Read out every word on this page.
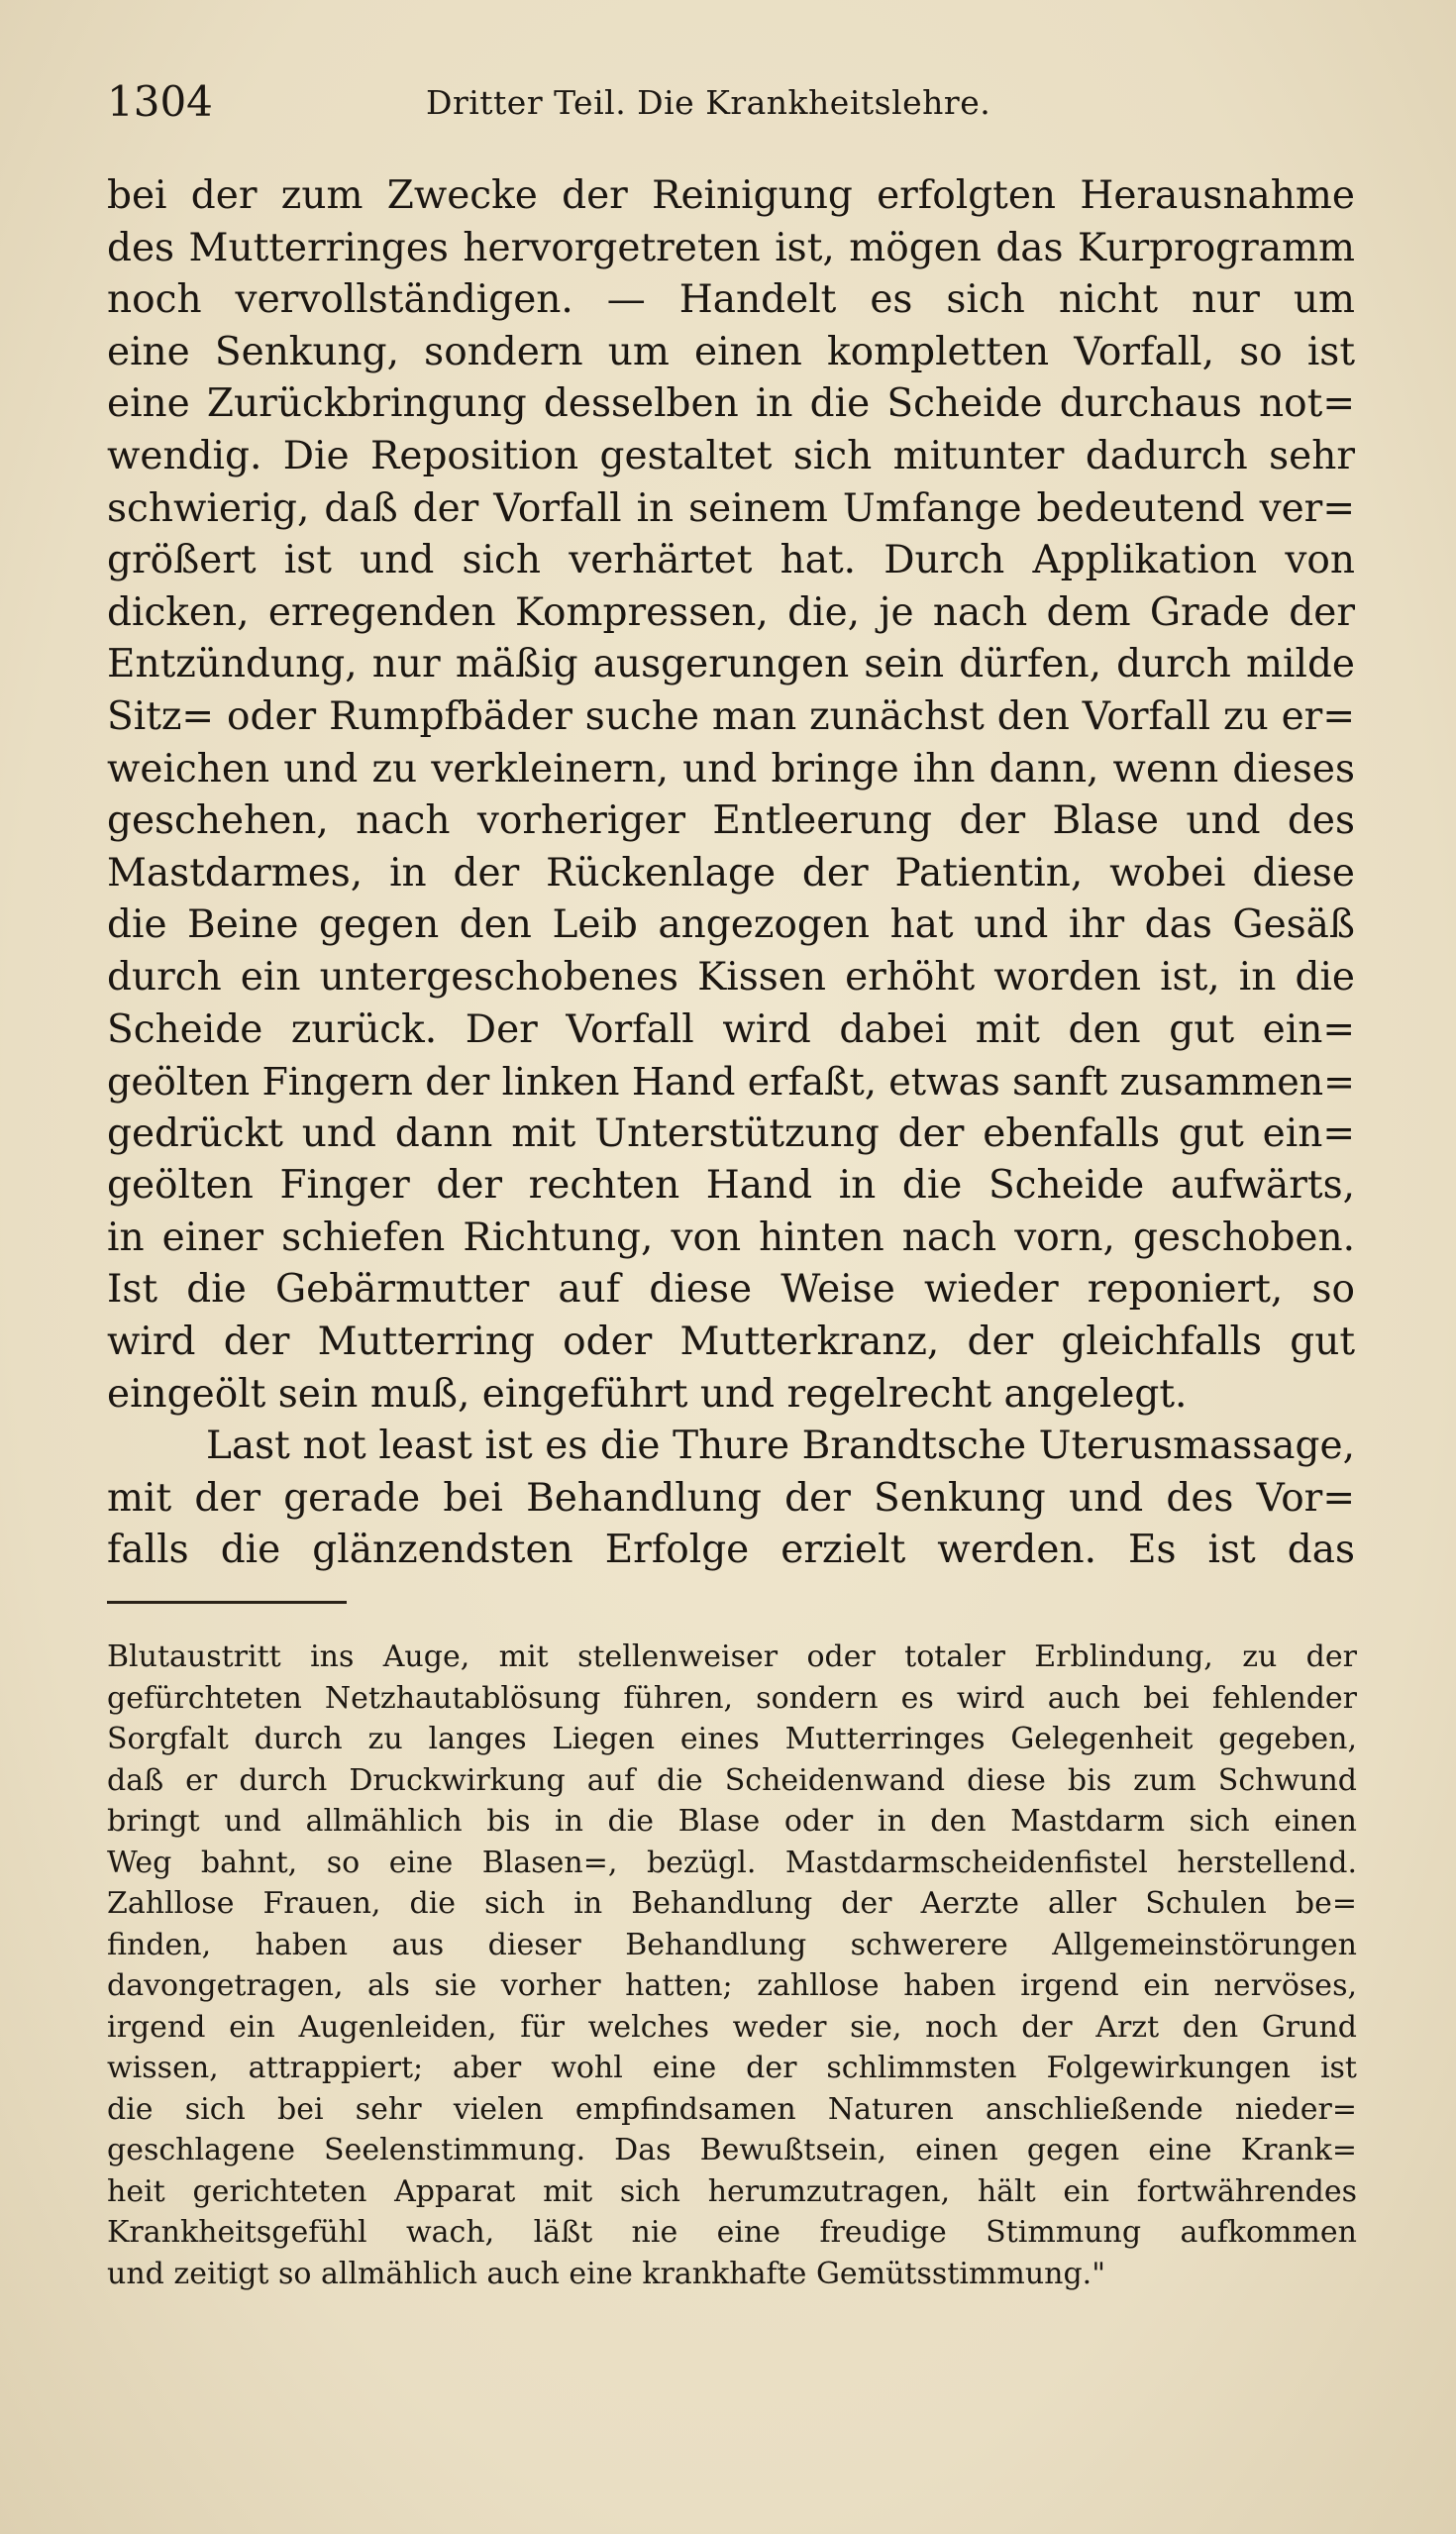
1304	Dritter Teil. Die Krankheitslehre.
bei der zum Zwecke der Reinigung erfolgten Herausnahme
des Mutterringes hervorgetreten ist, mögen das Kurprogramm
noch vervollständigen. — Handelt es sich nicht nur um
eine Senkung, sondern um einen kompletten Vorfall, so ist
eine Zurückbringung desselben in die Scheide durchaus not=
wendig. Die Reposition gestaltet sich mitunter dadurch sehr
schwierig, daß der Vorfall in seinem Umfange bedeutend ver=
größert ist und sich verhärtet hat. Durch Applikation von
dicken, erregenden Kompressen, die, je nach dem Grade der
Entzündung, nur mäßig ausgerungen sein dürfen, durch milde
Sitz= oder Rumpfbäder suche man zunächst den Vorfall zu er=
weichen und zu verkleinern, und bringe ihn dann, wenn dieses
geschehen, nach vorheriger Entleerung der Blase und des
Mastdarmes, in der Rückenlage der Patientin, wobei diese
die Beine gegen den Leib angezogen hat und ihr das Gesäß
durch ein untergeschobenes Kissen erhöht worden ist, in die
Scheide zurück. Der Vorfall wird dabei mit den gut ein=
geölten Fingern der linken Hand erfaßt, etwas sanft zusammen=
gedrückt und dann mit Unterstützung der ebenfalls gut ein=
geölten Finger der rechten Hand in die Scheide aufwärts,
in einer schiefen Richtung, von hinten nach vorn, geschoben.
Ist die Gebärmutter auf diese Weise wieder reponiert, so
wird der Mutterring oder Mutterkranz, der gleichfalls gut
eingeölt sein muß, eingeführt und regelrecht angelegt.
Last not least ist es die Thure Brandtsche Uterusmassage,
mit der gerade bei Behandlung der Senkung und des Vor=
falls die glänzendsten Erfolge erzielt werden. Es ist das
Blutaustritt ins Auge, mit stellenweiser oder totaler Erblindung, zu der
gefürchteten Netzhautablösung führen, sondern es wird auch bei fehlender
Sorgfalt durch zu langes Liegen eines Mutterringes Gelegenheit gegeben,
daß er durch Druckwirkung auf die Scheidenwand diese bis zum Schwund
bringt und allmählich bis in die Blase oder in den Mastdarm sich einen
Weg bahnt, so eine Blasen=, bezügl. Mastdarmscheidenfistel herstellend.
Zahllose Frauen, die sich in Behandlung der Aerzte aller Schulen be=
finden, haben aus dieser Behandlung schwerere Allgemeinstörungen
davongetragen, als sie vorher hatten; zahllose haben irgend ein nervöses,
irgend ein Augenleiden, für welches weder sie, noch der Arzt den Grund
wissen, attrappiert; aber wohl eine der schlimmsten Folgewirkungen ist
die sich bei sehr vielen empfindsamen Naturen anschließende nieder=
geschlagene Seelenstimmung. Das Bewußtsein, einen gegen eine Krank=
heit gerichteten Apparat mit sich herumzutragen, hält ein fortwährendes
Krankheitsgefühl wach, läßt nie eine freudige Stimmung aufkommen
und zeitigt so allmählich auch eine krankhafte Gemütsstimmung."
